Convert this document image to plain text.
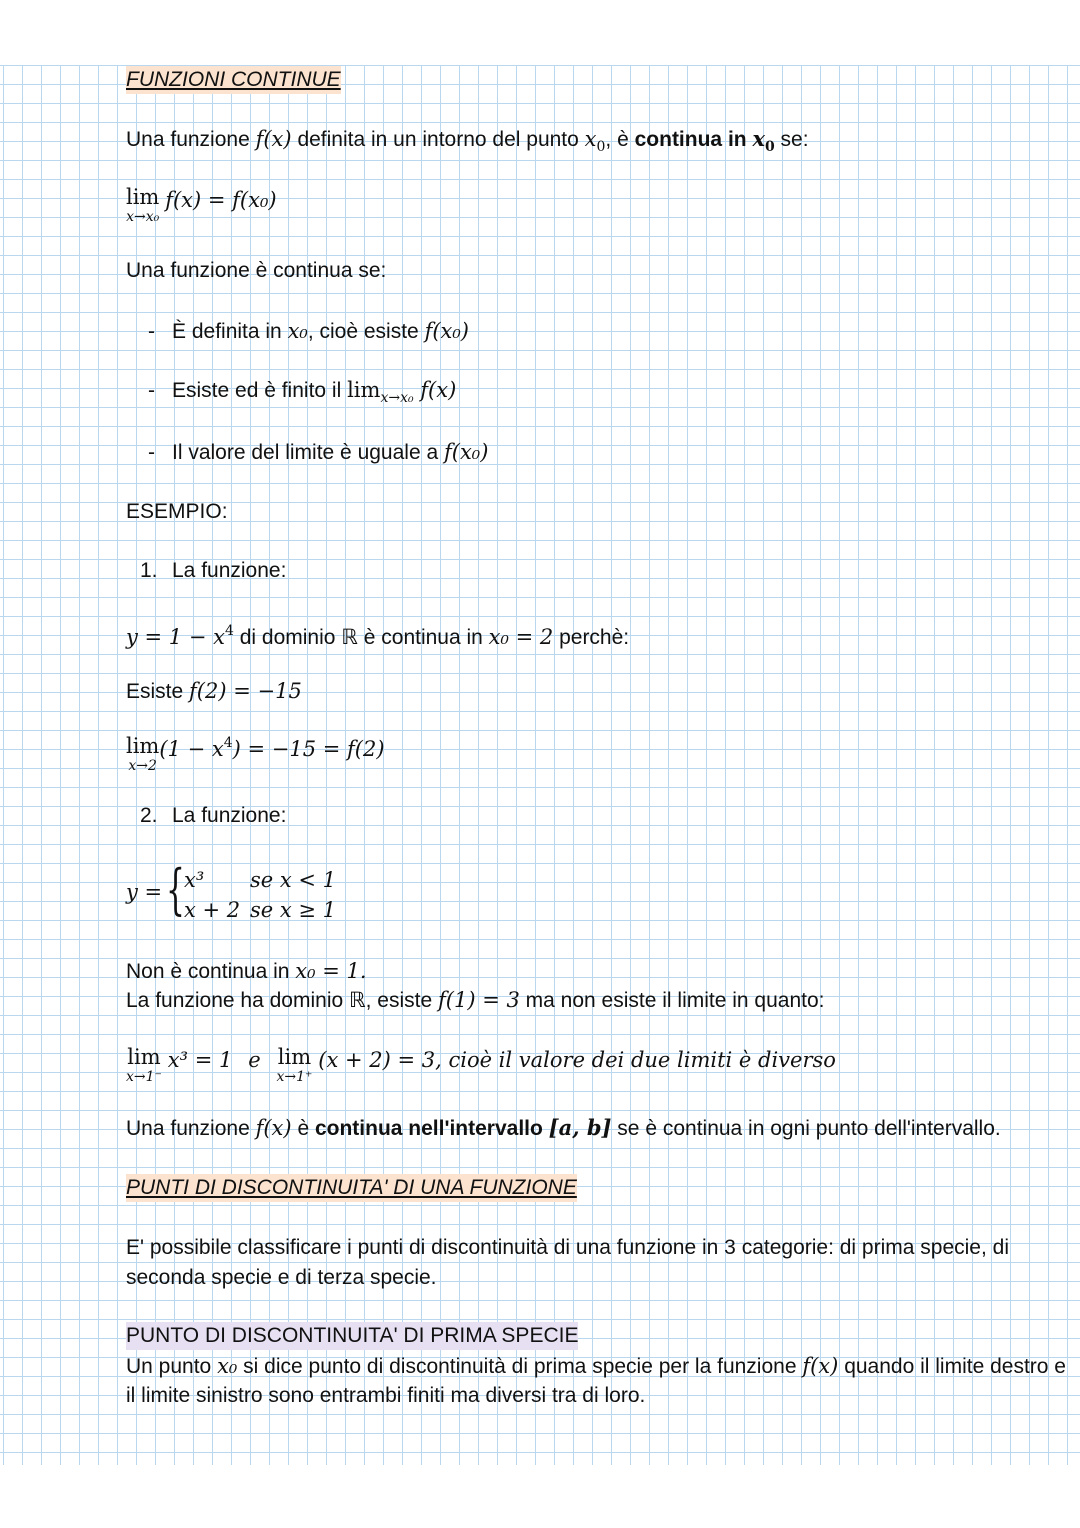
FUNZIONI CONTINUE
Una funzione f(x) definita in un intorno del punto $x_0$, è continua in $x_0$ se:
lim
x→x₀
f(x) = f(x₀)
Una funzione è continua se:
- È definita in x₀, cioè esiste f(x₀)
- Esiste ed è finito il $\lim_{x\to x_0} f(x)$
- Il valore del limite è uguale a f(x₀)
ESEMPIO:
1. La funzione:
$y = 1 - x^4$ di dominio ℝ è continua in x₀ = 2 perchè:
Esiste f(2) = −15
lim
x→2
$(1 - x^4) = -15 = f(2)$
2. La funzione:
y = { x³ se x < 1
x + 2 se x ≥ 1
Non è continua in x₀ = 1.
La funzione ha dominio ℝ, esiste f(1) = 3 ma non esiste il limite in quanto:
lim
x→1⁻
x³ = 1 e lim
x→1⁺
(x + 2) = 3, cioè il valore dei due limiti è diverso
Una funzione f(x) è continua nell'intervallo [a, b] se è continua in ogni punto dell'intervallo.
PUNTI DI DISCONTINUITA' DI UNA FUNZIONE
E' possibile classificare i punti di discontinuità di una funzione in 3 categorie: di prima specie, di seconda specie e di terza specie.
PUNTO DI DISCONTINUITA' DI PRIMA SPECIE
Un punto x₀ si dice punto di discontinuità di prima specie per la funzione f(x) quando il limite destro e il limite sinistro sono entrambi finiti ma diversi tra di loro.
